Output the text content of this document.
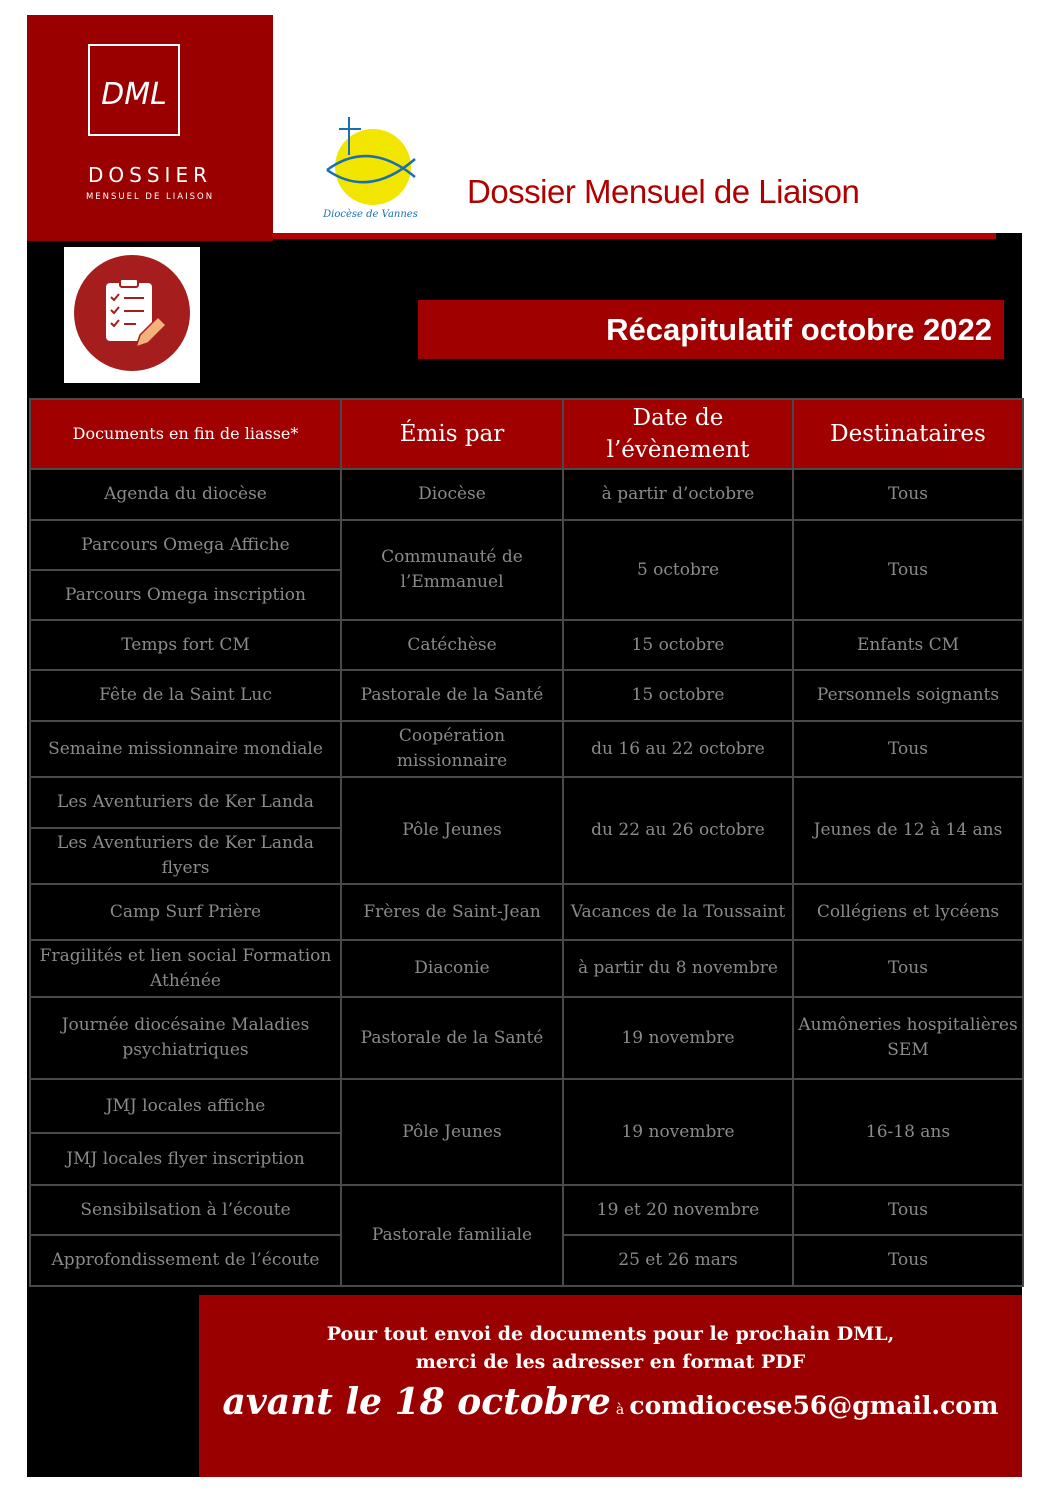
DML
DOSSIER
MENSUEL DE LIAISON
Diocèse de Vannes
Dossier Mensuel de Liaison
Récapitulatif octobre 2022
Documents en fin de liasse*	Émis par	Date de l’évènement	Destinataires
Agenda du diocèse	Diocèse	à partir d’octobre	Tous
Parcours Omega Affiche	Communauté de l’Emmanuel	5 octobre	Tous
Parcours Omega inscription			
Temps fort CM	Catéchèse	15 octobre	Enfants CM
Fête de la Saint Luc	Pastorale de la Santé	15 octobre	Personnels soignants
Semaine missionnaire mondiale	Coopération missionnaire	du 16 au 22 octobre	Tous
Les Aventuriers de Ker Landa	Pôle Jeunes	du 22 au 26 octobre	Jeunes de 12 à 14 ans
Les Aventuriers de Ker Landa flyers			
Camp Surf Prière	Frères de Saint-Jean	Vacances de la Toussaint	Collégiens et lycéens
Fragilités et lien social Formation Athénée	Diaconie	à partir du 8 novembre	Tous
Journée diocésaine Maladies psychiatriques	Pastorale de la Santé	19 novembre	Aumôneries hospitalières SEM
JMJ locales affiche	Pôle Jeunes	19 novembre	16-18 ans
JMJ locales flyer inscription			
Sensibilsation à l’écoute	Pastorale familiale	19 et 20 novembre	Tous
Approfondissement de l’écoute		25 et 26 mars	Tous
Pour tout envoi de documents pour le prochain DML,
merci de les adresser en format PDF
avant le 18 octobre à comdiocese56@gmail.com
